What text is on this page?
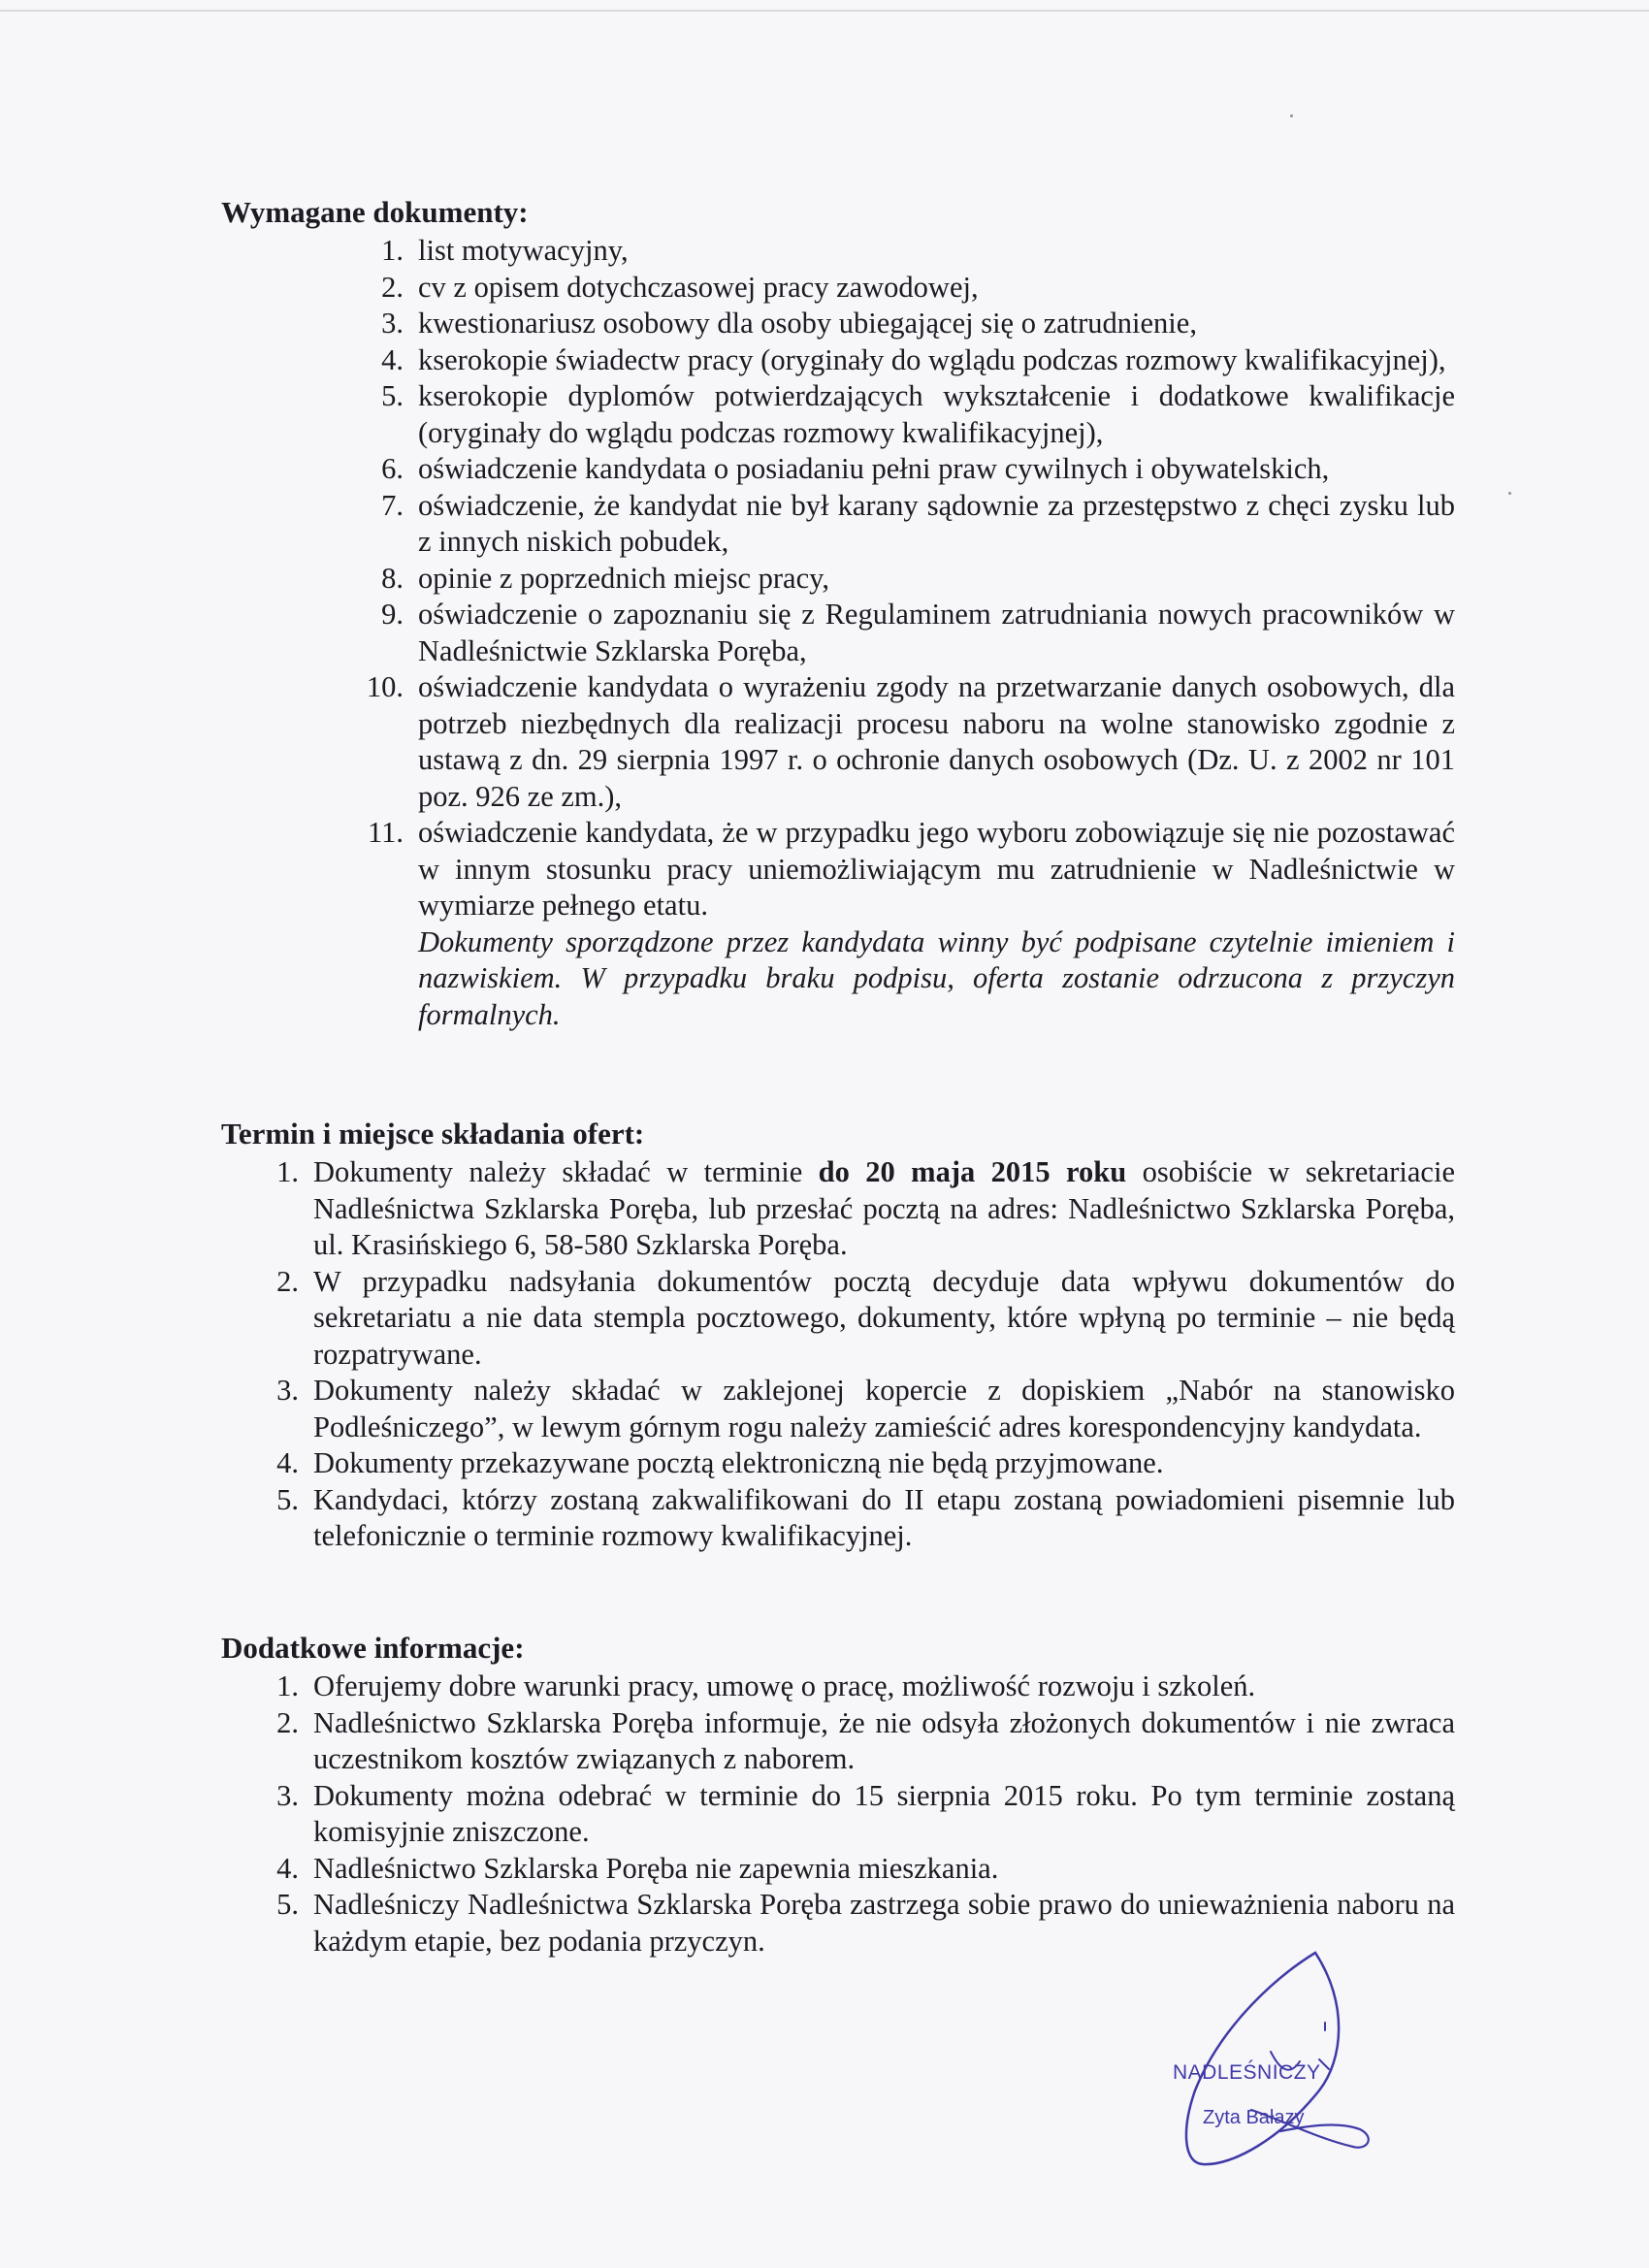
Wymagane dokumenty:
1. list motywacyjny,
2. cv z opisem dotychczasowej pracy zawodowej,
3. kwestionariusz osobowy dla osoby ubiegającej się o zatrudnienie,
4. kserokopie świadectw pracy (oryginały do wglądu podczas rozmowy kwalifikacyjnej),
5. kserokopie dyplomów potwierdzających wykształcenie i dodatkowe kwalifikacje (oryginały do wglądu podczas rozmowy kwalifikacyjnej),
6. oświadczenie kandydata o posiadaniu pełni praw cywilnych i obywatelskich,
7. oświadczenie, że kandydat nie był karany sądownie za przestępstwo z chęci zysku lub z innych niskich pobudek,
8. opinie z poprzednich miejsc pracy,
9. oświadczenie o zapoznaniu się z Regulaminem zatrudniania nowych pracowników w Nadleśnictwie Szklarska Poręba,
10. oświadczenie kandydata o wyrażeniu zgody na przetwarzanie danych osobowych, dla potrzeb niezbędnych dla realizacji procesu naboru na wolne stanowisko zgodnie z ustawą z dn. 29 sierpnia 1997 r. o ochronie danych osobowych (Dz. U. z 2002 nr 101 poz. 926 ze zm.),
11. oświadczenie kandydata, że w przypadku jego wyboru zobowiązuje się nie pozostawać w innym stosunku pracy uniemożliwiającym mu zatrudnienie w Nadleśnictwie w wymiarze pełnego etatu.
Dokumenty sporządzone przez kandydata winny być podpisane czytelnie imieniem i nazwiskiem. W przypadku braku podpisu, oferta zostanie odrzucona z przyczyn formalnych.
Termin i miejsce składania ofert:
1. Dokumenty należy składać w terminie do 20 maja 2015 roku osobiście w sekretariacie Nadleśnictwa Szklarska Poręba, lub przesłać pocztą na adres: Nadleśnictwo Szklarska Poręba, ul. Krasińskiego 6, 58-580 Szklarska Poręba.
2. W przypadku nadsyłania dokumentów pocztą decyduje data wpływu dokumentów do sekretariatu a nie data stempla pocztowego, dokumenty, które wpłyną po terminie – nie będą rozpatrywane.
3. Dokumenty należy składać w zaklejonej kopercie z dopiskiem „Nabór na stanowisko Podleśniczego”, w lewym górnym rogu należy zamieścić adres korespondencyjny kandydata.
4. Dokumenty przekazywane pocztą elektroniczną nie będą przyjmowane.
5. Kandydaci, którzy zostaną zakwalifikowani do II etapu zostaną powiadomieni pisemnie lub telefonicznie o terminie rozmowy kwalifikacyjnej.
Dodatkowe informacje:
1. Oferujemy dobre warunki pracy, umowę o pracę, możliwość rozwoju i szkoleń.
2. Nadleśnictwo Szklarska Poręba informuje, że nie odsyła złożonych dokumentów i nie zwraca uczestnikom kosztów związanych z naborem.
3. Dokumenty można odebrać w terminie do 15 sierpnia 2015 roku. Po tym terminie zostaną komisyjnie zniszczone.
4. Nadleśnictwo Szklarska Poręba nie zapewnia mieszkania.
5. Nadleśniczy Nadleśnictwa Szklarska Poręba zastrzega sobie prawo do unieważnienia naboru na każdym etapie, bez podania przyczyn.
NADLEŚNICZY
Zyta Bałazy
